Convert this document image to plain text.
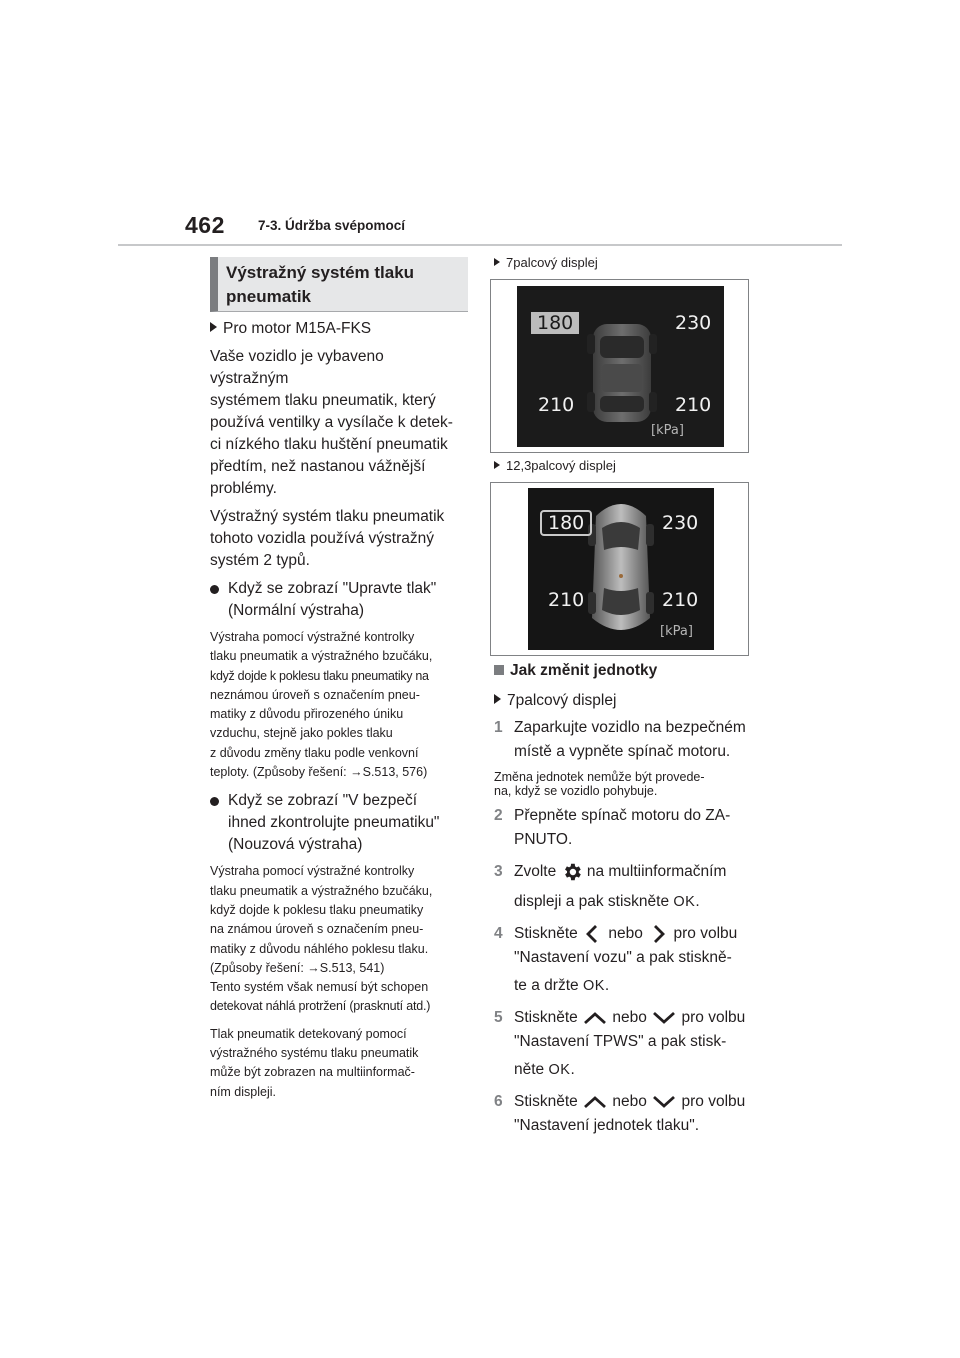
462 7-3. Údržba svépomocí
Výstražný systém tlaku
pneumatik
Pro motor M15A-FKS

Vaše vozidlo je vybaveno výstražným

systémem tlaku pneumatik, který

používá ventilky a vysílače k detek-

ci nízkého tlaku huštění pneumatik

předtím, než nastanou vážnější

problémy.

Výstražný systém tlaku pneumatik

tohoto vozidla používá výstražný

systém 2 typů.

Když se zobrazí "Upravte tlak"
(Normální výstraha)

Výstraha pomocí výstražné kontrolky

tlaku pneumatik a výstražného bzučáku,

když dojde k poklesu tlaku pneumatiky na

neznámou úroveň s označením pneu-

matiky z důvodu přirozeného úniku

vzduchu, stejně jako pokles tlaku

z důvodu změny tlaku podle venkovní

teploty. (Způsoby řešení: →S.513, 576)

Když se zobrazí "V bezpečí
ihned zkontrolujte pneumatiku"
(Nouzová výstraha)

Výstraha pomocí výstražné kontrolky

tlaku pneumatik a výstražného bzučáku,

když dojde k poklesu tlaku pneumatiky

na známou úroveň s označením pneu-

matiky z důvodu náhlého poklesu tlaku.

(Způsoby řešení: →S.513, 541)

Tento systém však nemusí být schopen

detekovat náhlá protržení (prasknutí atd.)

Tlak pneumatik detekovaný pomocí

výstražného systému tlaku pneumatik

může být zobrazen na multiinformač-

ním displeji.

7palcový displej
180	230
210	210
[kPa]
12,3palcový displej
180	230
210	210
[kPa]
Jak změnit jednotky
7palcový displej
1 Zaparkujte vozidlo na bezpečném
místě a vypněte spínač motoru.
Změna jednotek nemůže být provede-
na, když se vozidlo pohybuje.
2 Přepněte spínač motoru do ZA-
PNUTO.
3 Zvolte na multiinformačním
displeji a pak stiskněte OK.
4 Stiskněte nebo pro volbu
"Nastavení vozu" a pak stiskně-
te a držte OK.
5 Stiskněte nebo pro volbu
"Nastavení TPWS" a pak stisk-
něte OK.
6 Stiskněte nebo pro volbu
"Nastavení jednotek tlaku".
